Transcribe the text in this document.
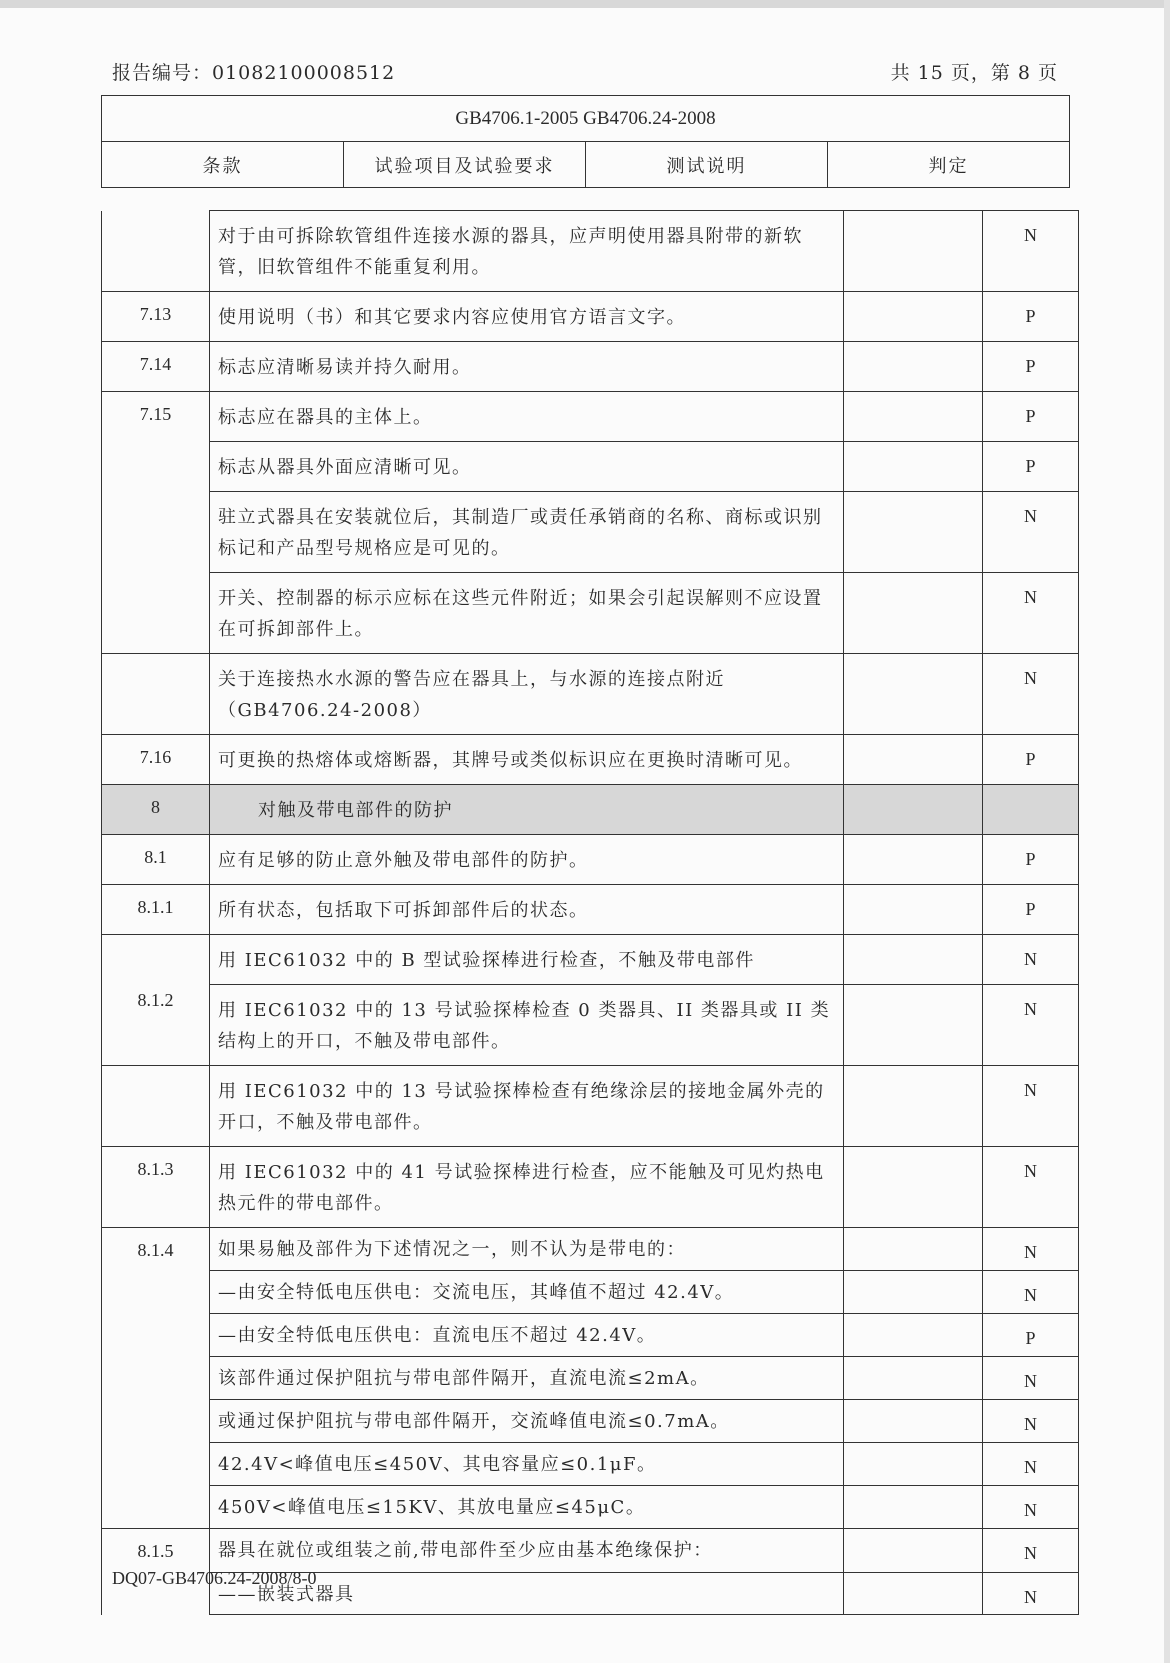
报告编号：01082100008512	共 15 页，第 8 页
GB4706.1-2005 GB4706.24-2008
条款	试验项目及试验要求	测试说明	判定
	对于由可拆除软管组件连接水源的器具，应声明使用器具附带的新软管，旧软管组件不能重复利用。		N
7.13	使用说明（书）和其它要求内容应使用官方语言文字。		P
7.14	标志应清晰易读并持久耐用。		P
7.15	标志应在器具的主体上。		P
	标志从器具外面应清晰可见。		P
	驻立式器具在安装就位后，其制造厂或责任承销商的名称、商标或识别标记和产品型号规格应是可见的。		N
	开关、控制器的标示应标在这些元件附近；如果会引起误解则不应设置在可拆卸部件上。		N
	关于连接热水水源的警告应在器具上，与水源的连接点附近（GB4706.24-2008）		N
7.16	可更换的热熔体或熔断器，其牌号或类似标识应在更换时清晰可见。		P
8	对触及带电部件的防护		
8.1	应有足够的防止意外触及带电部件的防护。		P
8.1.1	所有状态，包括取下可拆卸部件后的状态。		P
8.1.2	用 IEC61032 中的 B 型试验探棒进行检查，不触及带电部件		N
	用 IEC61032 中的 13 号试验探棒检查 0 类器具、II 类器具或 II 类结构上的开口，不触及带电部件。		N
	用 IEC61032 中的 13 号试验探棒检查有绝缘涂层的接地金属外壳的开口，不触及带电部件。		N
8.1.3	用 IEC61032 中的 41 号试验探棒进行检查，应不能触及可见灼热电热元件的带电部件。		N
8.1.4	如果易触及部件为下述情况之一，则不认为是带电的：		N
	—由安全特低电压供电：交流电压，其峰值不超过 42.4V。		N
	—由安全特低电压供电：直流电压不超过 42.4V。		P
	该部件通过保护阻抗与带电部件隔开，直流电流≤2mA。		N
	或通过保护阻抗与带电部件隔开，交流峰值电流≤0.7mA。		N
	42.4V<峰值电压≤450V、其电容量应≤0.1μF。		N
	450V<峰值电压≤15KV、其放电量应≤45μC。		N
8.1.5	器具在就位或组装之前,带电部件至少应由基本绝缘保护：		N
	——嵌装式器具		N
DQ07-GB4706.24-2008/8-0
